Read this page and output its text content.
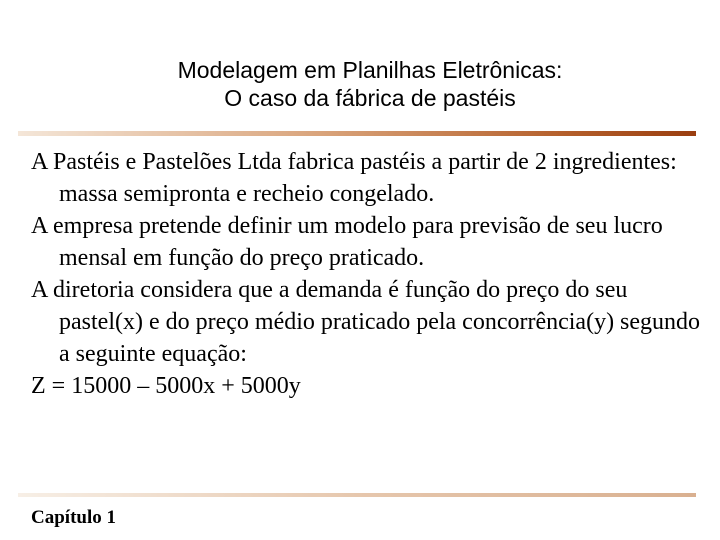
Modelagem em Planilhas Eletrônicas:
O caso da fábrica de pastéis

A Pastéis e Pastelões Ltda fabrica pastéis a partir de 2 ingredientes: massa semipronta e recheio congelado.

A empresa pretende definir um modelo para previsão de seu lucro mensal em função do preço praticado.

A diretoria considera que a demanda é função do preço do seu pastel(x) e do preço médio praticado pela concorrência(y) segundo a seguinte equação:

Z = 15000 – 5000x + 5000y

Capítulo 1
